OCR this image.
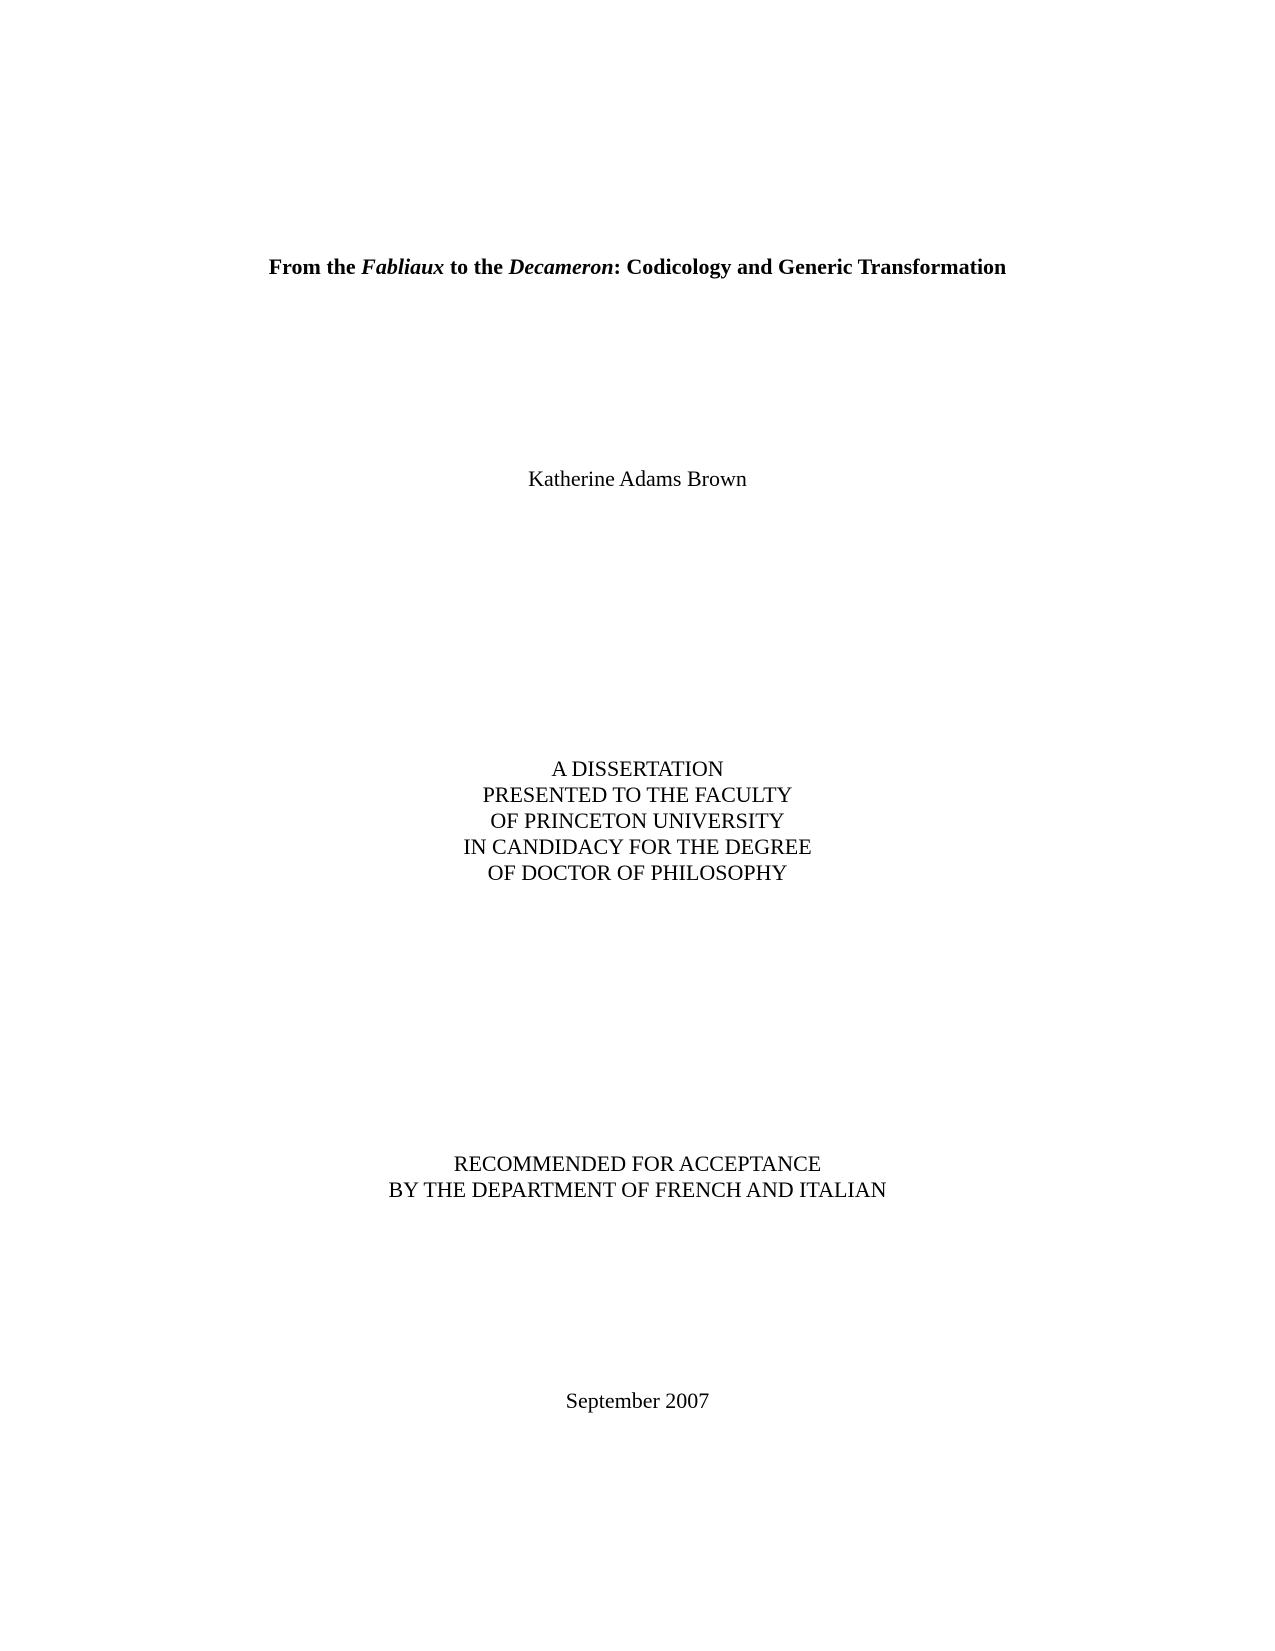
From the Fabliaux to the Decameron: Codicology and Generic Transformation
Katherine Adams Brown
A DISSERTATION
PRESENTED TO THE FACULTY
OF PRINCETON UNIVERSITY
IN CANDIDACY FOR THE DEGREE
OF DOCTOR OF PHILOSOPHY
RECOMMENDED FOR ACCEPTANCE
BY THE DEPARTMENT OF FRENCH AND ITALIAN
September 2007
